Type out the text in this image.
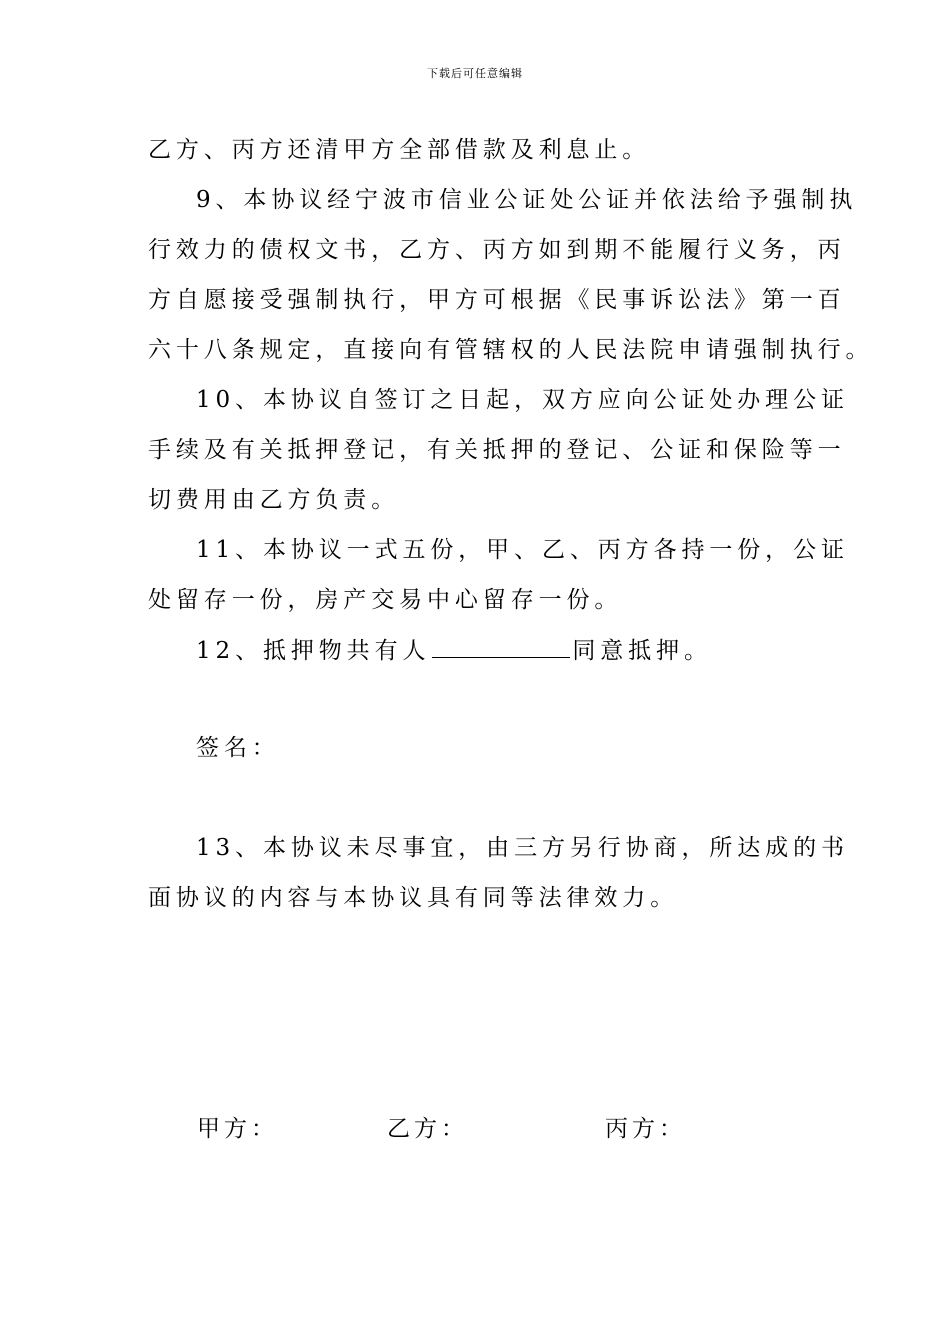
下载后可任意编辑
乙方、丙方还清甲方全部借款及利息止。
9、本协议经宁波市信业公证处公证并依法给予强制执
行效力的债权文书，乙方、丙方如到期不能履行义务，丙
方自愿接受强制执行，甲方可根据《民事诉讼法》第一百
六十八条规定，直接向有管辖权的人民法院申请强制执行。
10、本协议自签订之日起，双方应向公证处办理公证
手续及有关抵押登记，有关抵押的登记、公证和保险等一
切费用由乙方负责。
11、本协议一式五份，甲、乙、丙方各持一份，公证
处留存一份，房产交易中心留存一份。
12、抵押物共有人	同意抵押。
签名：
13、本协议未尽事宜，由三方另行协商，所达成的书
面协议的内容与本协议具有同等法律效力。
甲方：	乙方：	丙方：
